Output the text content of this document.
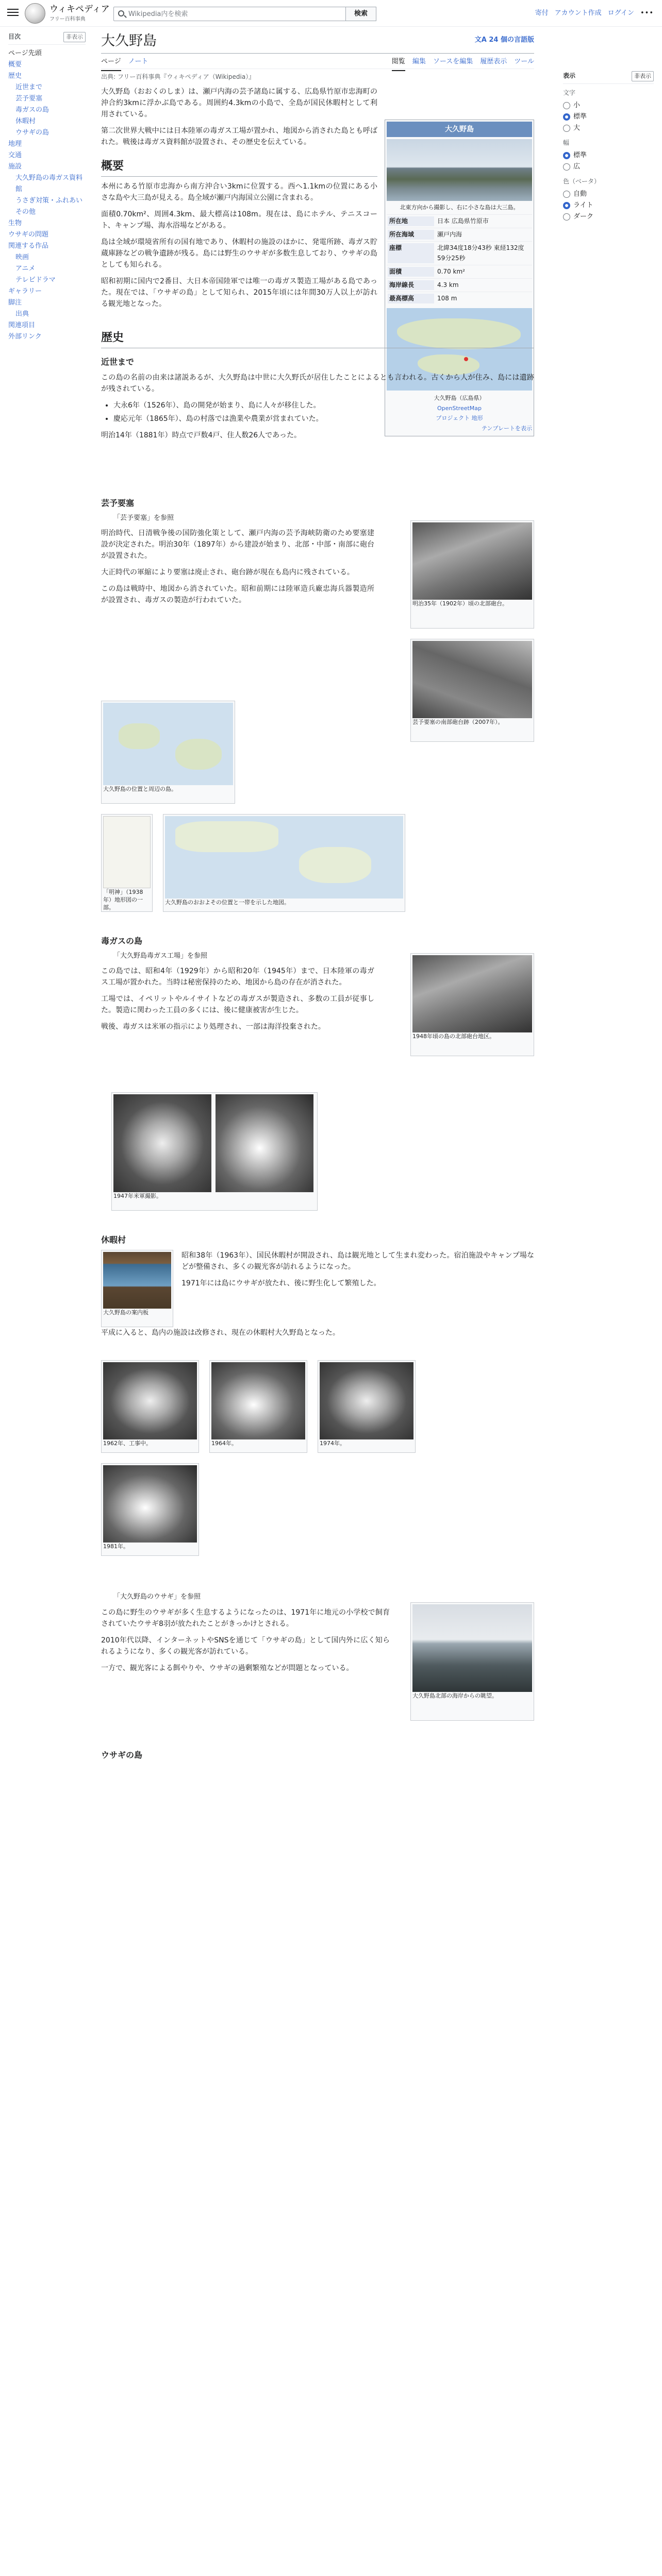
ウィキペディア
フリー百科事典
Wikipedia内を検索	検索	寄付 アカウント作成 ログイン •••
目次	非表示
ページ先頭
概要
歴史
近世まで
芸予要塞
毒ガスの島
休暇村
ウサギの島
地理
交通
施設
大久野島の毒ガス資料館
うさぎ対策・ふれあい
その他
生物
ウサギの問題
関連する作品
映画
アニメ
テレビドラマ
ギャラリー
脚注
出典
関連項目
外部リンク
大久野島	文A 24 個の言語版
ページ ノート	閲覧 編集 ソースを編集 履歴表示 ツール
出典: フリー百科事典『ウィキペディア（Wikipedia）』

大久野島（おおくのしま）は、瀬戸内海の芸予諸島に属する、広島県竹原市忠海町の沖合約3kmに浮かぶ島である。周囲約4.3kmの小島で、全島が国民休暇村として利用されている。

第二次世界大戦中には日本陸軍の毒ガス工場が置かれ、地図から消された島とも呼ばれた。戦後は毒ガス資料館が設置され、その歴史を伝えている。

概要

本州にある竹原市忠海から南方沖合い3kmに位置する。西へ1.1kmの位置にある小さな島や大三島が見える。島全域が瀬戸内海国立公園に含まれる。

面積0.70km²、周囲4.3km、最大標高は108m。現在は、島にホテル、テニスコート、キャンプ場、海水浴場などがある。

島は全域が環境省所有の国有地であり、休暇村の施設のほかに、発電所跡、毒ガス貯蔵庫跡などの戦争遺跡が残る。島には野生のウサギが多数生息しており、ウサギの島としても知られる。

昭和初期に国内で2番目、大日本帝国陸軍では唯一の毒ガス製造工場がある島であった。現在では、「ウサギの島」として知られ、2015年頃には年間30万人以上が訪れる観光地となった。

大久野島
北東方向から撮影し、右に小さな島は大三島。
所在地	日本 広島県竹原市
所在海域	瀬戸内海
座標	北緯34度18分43秒 東経132度59分25秒
面積	0.70 km²
海岸線長	4.3 km
最高標高	108 m
大久野島（広島県）
OpenStreetMap
プロジェクト 地形
テンプレートを表示
歴史
近世まで

この島の名前の由来は諸説あるが、大久野島は中世に大久野氏が居住したことによるとも言われる。古くから人が住み、島には遺跡が残されている。

• 大永6年（1526年）、島の開発が始まり、島に人々が移住した。
• 慶応元年（1865年）、島の村落では漁業や農業が営まれていた。

明治14年（1881年）時点で戸数4戸、住人数26人であった。

芸予要塞
「芸予要塞」を参照

明治時代、日清戦争後の国防強化策として、瀬戸内海の芸予海峡防衛のため要塞建設が決定された。明治30年（1897年）から建設が始まり、北部・中部・南部に砲台が設置された。

大正時代の軍縮により要塞は廃止され、砲台跡が現在も島内に残されている。

この島は戦時中、地図から消されていた。昭和前期には陸軍造兵廠忠海兵器製造所が設置され、毒ガスの製造が行われていた。	明治35年（1902年）頃の北部砲台。
芸予要塞の南部砲台跡（2007年）。
大久野島の位置と周辺の島。
「明神」（1938年）地形図の一部。
大久野島のおおよその位置と一帯を示した地図。
毒ガスの島
「大久野島毒ガス工場」を参照

この島では、昭和4年（1929年）から昭和20年（1945年）まで、日本陸軍の毒ガス工場が置かれた。当時は秘密保持のため、地図から島の存在が消された。

工場では、イペリットやルイサイトなどの毒ガスが製造され、多数の工員が従事した。製造に関わった工員の多くには、後に健康被害が生じた。

戦後、毒ガスは米軍の指示により処理され、一部は海洋投棄された。

1948年頃の島の北部砲台地区。
1947年米軍撮影。
休暇村
大久野島の案内板

昭和38年（1963年）、国民休暇村が開設され、島は観光地として生まれ変わった。宿泊施設やキャンプ場などが整備され、多くの観光客が訪れるようになった。

1971年には島にウサギが放たれ、後に野生化して繁殖した。

平成に入ると、島内の施設は改修され、現在の休暇村大久野島となった。

1962年、工事中。	1964年。	1974年。
1981年。
「大久野島のウサギ」を参照

この島に野生のウサギが多く生息するようになったのは、1971年に地元の小学校で飼育されていたウサギ8羽が放たれたことがきっかけとされる。

2010年代以降、インターネットやSNSを通じて「ウサギの島」として国内外に広く知られるようになり、多くの観光客が訪れている。

一方で、観光客による餌やりや、ウサギの過剰繁殖などが問題となっている。

大久野島北部の海岸からの眺望。
ウサギの島
表示	非表示
文字
小
標準
大
幅
標準
広
色（ベータ）
自動
ライト
ダーク
